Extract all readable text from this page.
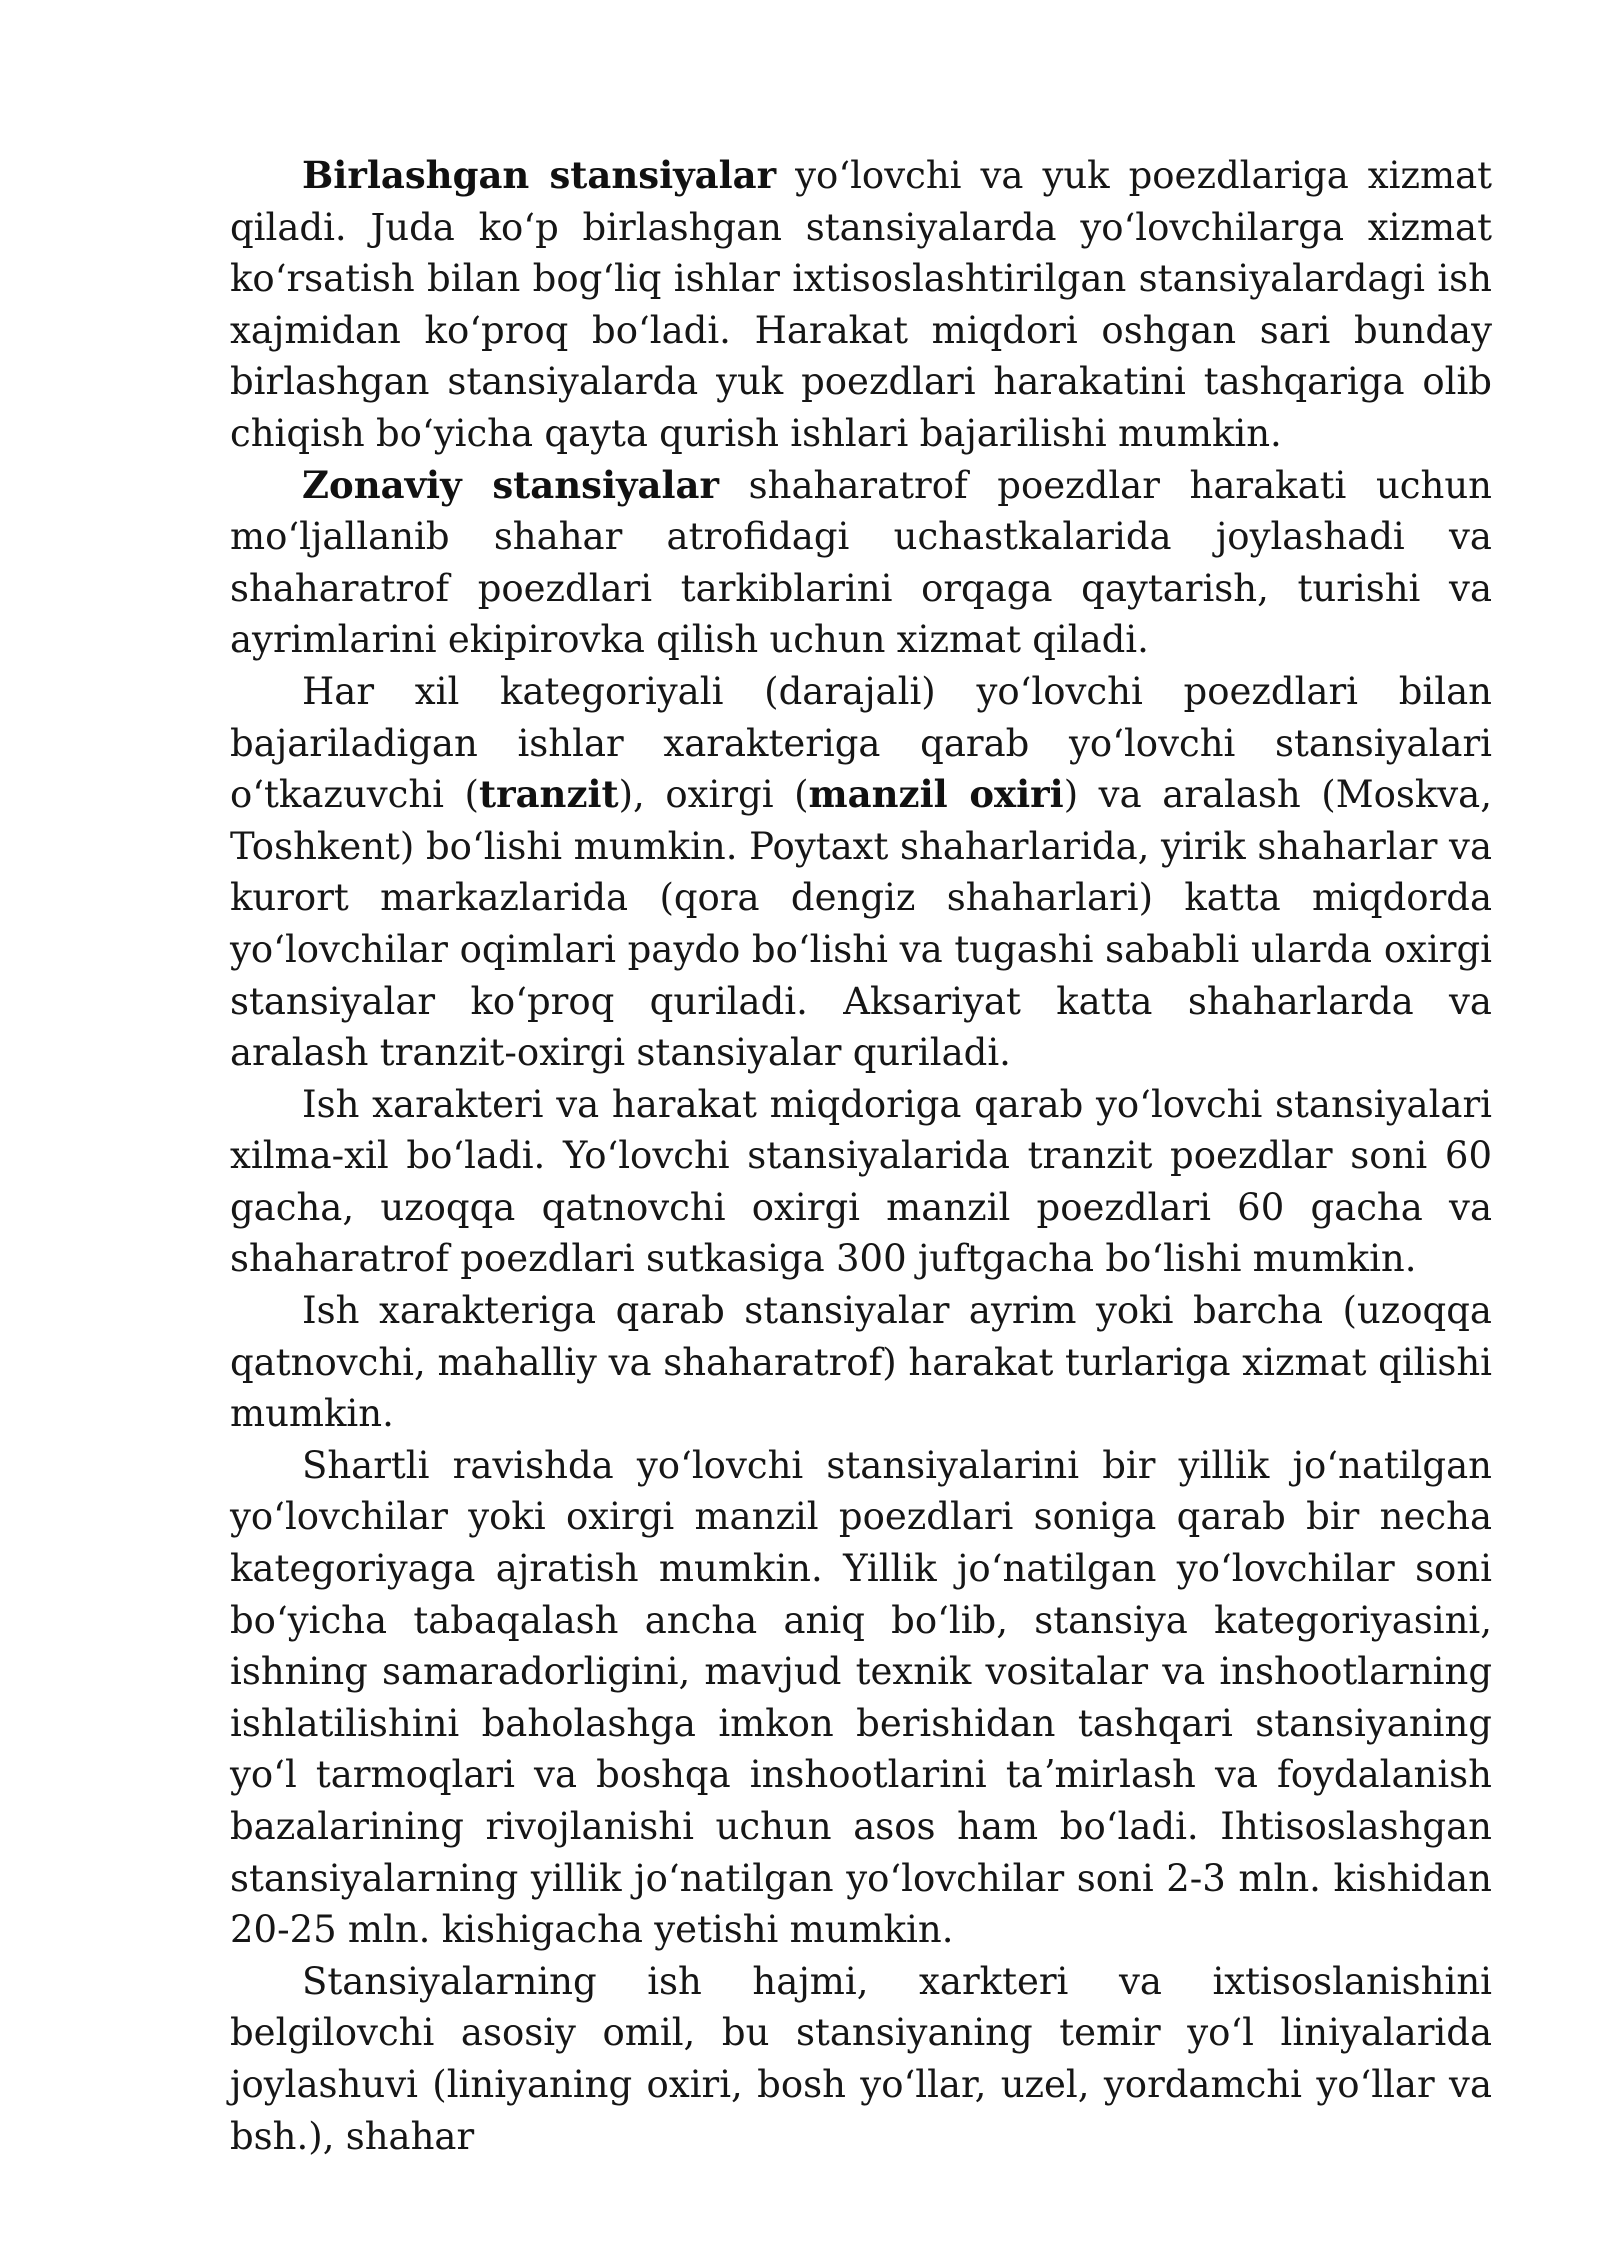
Birlashgan stansiyalar yoʻlovchi va yuk poezdlariga xizmat qiladi. Juda koʻp birlashgan stansiyalarda yoʻlovchilarga xizmat koʻrsatish bilan bogʻliq ishlar ixtisoslashtirilgan stansiyalardagi ish xajmidan koʻproq boʻladi. Harakat miqdori oshgan sari bunday birlashgan stansiyalarda yuk poezdlari harakatini tashqariga olib chiqish boʻyicha qayta qurish ishlari bajarilishi mumkin.

Zonaviy stansiyalar shaharatrof poezdlar harakati uchun moʻljallanib shahar atrofidagi uchastkalarida joylashadi va shaharatrof poezdlari tarkiblarini orqaga qaytarish, turishi va ayrimlarini ekipirovka qilish uchun xizmat qiladi.

Har xil kategoriyali (darajali) yoʻlovchi poezdlari bilan bajariladigan ishlar xarakteriga qarab yoʻlovchi stansiyalari oʻtkazuvchi (tranzit), oxirgi (manzil oxiri) va aralash (Moskva, Toshkent) boʻlishi mumkin. Poytaxt shaharlarida, yirik shaharlar va kurort markazlarida (qora dengiz shaharlari) katta miqdorda yoʻlovchilar oqimlari paydo boʻlishi va tugashi sababli ularda oxirgi stansiyalar koʻproq quriladi. Aksariyat katta shaharlarda va aralash tranzit-oxirgi stansiyalar quriladi.

Ish xarakteri va harakat miqdoriga qarab yoʻlovchi stansiyalari xilma-xil boʻladi. Yoʻlovchi stansiyalarida tranzit poezdlar soni 60 gacha, uzoqqa qatnovchi oxirgi manzil poezdlari 60 gacha va shaharatrof poezdlari sutkasiga 300 juftgacha boʻlishi mumkin.

Ish xarakteriga qarab stansiyalar ayrim yoki barcha (uzoqqa qatnovchi, mahalliy va shaharatrof) harakat turlariga xizmat qilishi mumkin.

Shartli ravishda yoʻlovchi stansiyalarini bir yillik joʻnatilgan yoʻlovchilar yoki oxirgi manzil poezdlari soniga qarab bir necha kategoriyaga ajratish mumkin. Yillik joʻnatilgan yoʻlovchilar soni boʻyicha tabaqalash ancha aniq boʻlib, stansiya kategoriyasini, ishning samaradorligini, mavjud texnik vositalar va inshootlarning ishlatilishini baholashga imkon berishidan tashqari stansiyaning yoʻl tarmoqlari va boshqa inshootlarini taʼmirlash va foydalanish bazalarining rivojlanishi uchun asos ham boʻladi. Ihtisoslashgan stansiyalarning yillik joʻnatilgan yoʻlovchilar soni 2-3 mln. kishidan 20-25 mln. kishigacha yetishi mumkin.

Stansiyalarning ish hajmi, xarkteri va ixtisoslanishini belgilovchi asosiy omil, bu stansiyaning temir yoʻl liniyalarida joylashuvi (liniyaning oxiri, bosh yoʻllar, uzel, yordamchi yoʻllar va bsh.), shahar
